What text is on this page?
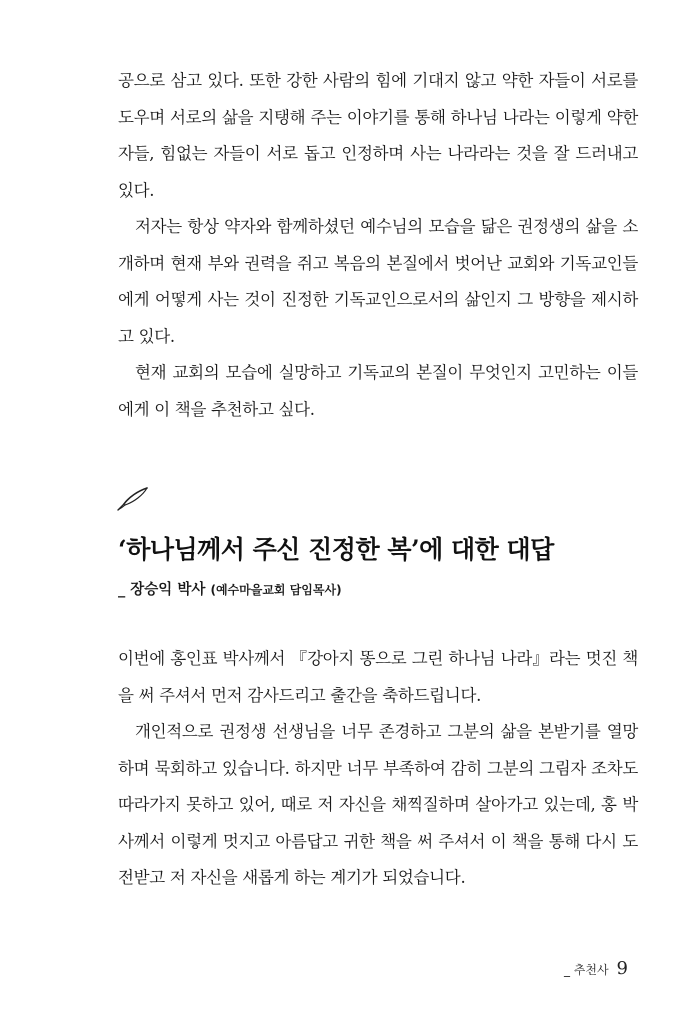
공으로 삼고 있다. 또한 강한 사람의 힘에 기대지 않고 약한 자들이 서로를 도우며 서로의 삶을 지탱해 주는 이야기를 통해 하나님 나라는 이렇게 약한 자들, 힘없는 자들이 서로 돕고 인정하며 사는 나라라는 것을 잘 드러내고 있다.

저자는 항상 약자와 함께하셨던 예수님의 모습을 닮은 권정생의 삶을 소개하며 현재 부와 권력을 쥐고 복음의 본질에서 벗어난 교회와 기독교인들에게 어떻게 사는 것이 진정한 기독교인으로서의 삶인지 그 방향을 제시하고 있다.

현재 교회의 모습에 실망하고 기독교의 본질이 무엇인지 고민하는 이들에게 이 책을 추천하고 싶다.

‘하나님께서 주신 진정한 복’에 대한 대답

_ 장승익 박사 (예수마을교회 담임목사)

이번에 홍인표 박사께서 『강아지 똥으로 그린 하나님 나라』라는 멋진 책을 써 주셔서 먼저 감사드리고 출간을 축하드립니다.

개인적으로 권정생 선생님을 너무 존경하고 그분의 삶을 본받기를 열망하며 묵회하고 있습니다. 하지만 너무 부족하여 감히 그분의 그림자 조차도 따라가지 못하고 있어, 때로 저 자신을 채찍질하며 살아가고 있는데, 홍 박사께서 이렇게 멋지고 아름답고 귀한 책을 써 주셔서 이 책을 통해 다시 도전받고 저 자신을 새롭게 하는 계기가 되었습니다.

_ 추천사 9
